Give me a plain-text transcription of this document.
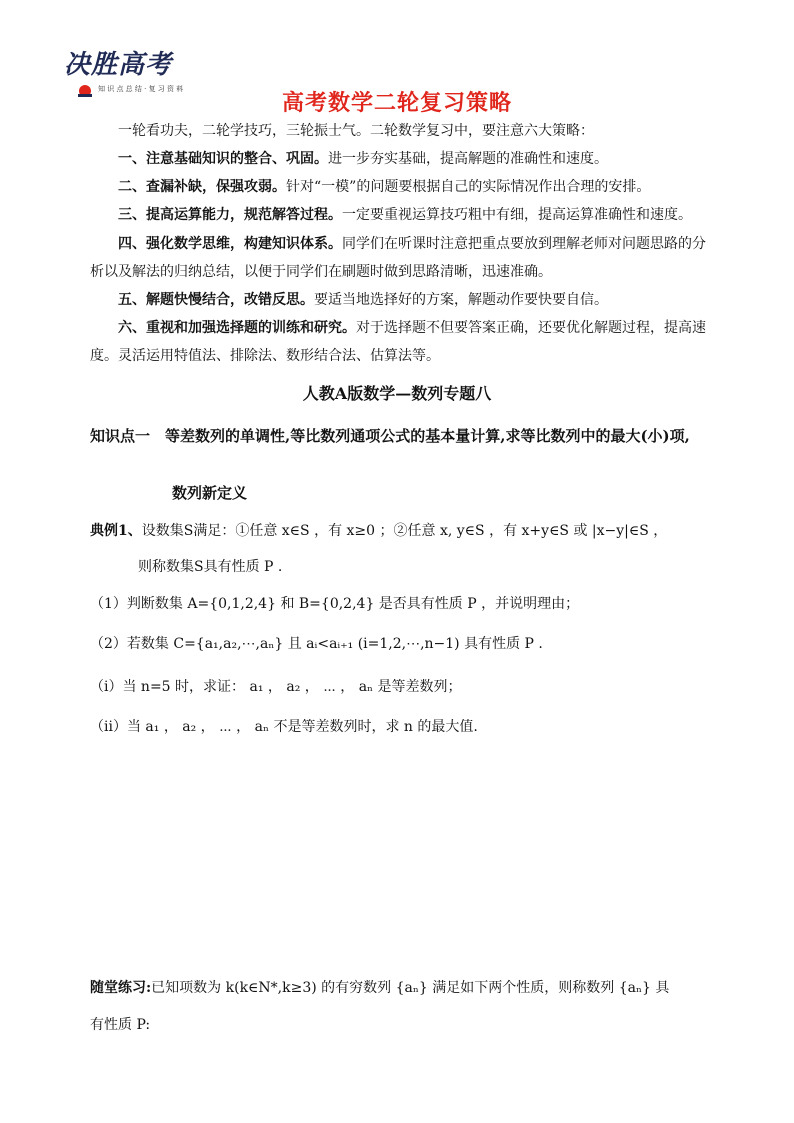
决胜高考
知 识 点 总 结 · 复 习 资 料
高考数学二轮复习策略
一轮看功夫，二轮学技巧，三轮振士气。二轮数学复习中，要注意六大策略：
一、注意基础知识的整合、巩固。进一步夯实基础，提高解题的准确性和速度。
二、查漏补缺，保强攻弱。针对“一模”的问题要根据自己的实际情况作出合理的安排。
三、提高运算能力，规范解答过程。一定要重视运算技巧粗中有细，提高运算准确性和速度。
四、强化数学思维，构建知识体系。同学们在听课时注意把重点要放到理解老师对问题思路的分析以及解法的归纳总结，以便于同学们在刷题时做到思路清晰，迅速准确。
五、解题快慢结合，改错反思。要适当地选择好的方案，解题动作要快要自信。
六、重视和加强选择题的训练和研究。对于选择题不但要答案正确，还要优化解题过程，提高速度。灵活运用特值法、排除法、数形结合法、估算法等。
人教A版数学—数列专题八
知识点一　等差数列的单调性,等比数列通项公式的基本量计算,求等比数列中的最大(小)项,
数列新定义
典例1、设数集S满足：①任意 x∈S ，有 x≥0 ；②任意 x, y∈S ，有 x+y∈S 或 |x−y|∈S ，
则称数集S具有性质 P .
（1）判断数集 A={0,1,2,4} 和 B={0,2,4} 是否具有性质 P ，并说明理由；
（2）若数集 C={a₁,a₂,⋯,aₙ} 且 aᵢ<aᵢ₊₁ (i=1,2,⋯,n−1) 具有性质 P .
（i）当 n=5 时，求证： a₁ ， a₂ ， ⋯ ， aₙ 是等差数列；
（ii）当 a₁ ， a₂ ， ⋯ ， aₙ 不是等差数列时，求 n 的最大值.
随堂练习:已知项数为 k(k∈N*,k≥3) 的有穷数列 {aₙ} 满足如下两个性质，则称数列 {aₙ} 具
有性质 P:
